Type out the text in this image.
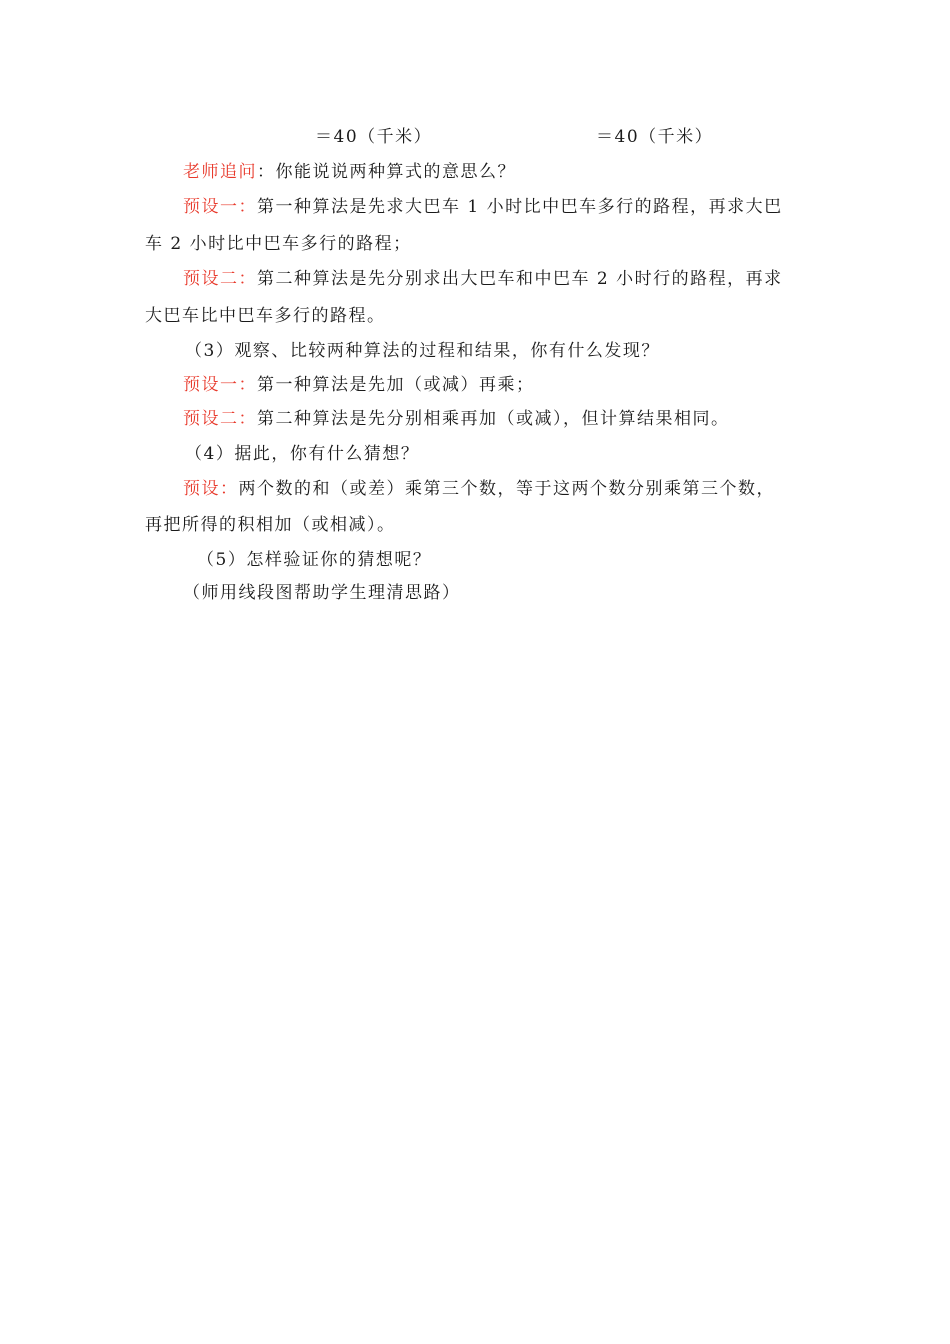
＝40（千米）	＝40（千米）
老师追问：你能说说两种算式的意思么？
预设一：第一种算法是先求大巴车 1 小时比中巴车多行的路程，再求大巴
车 2 小时比中巴车多行的路程；
预设二：第二种算法是先分别求出大巴车和中巴车 2 小时行的路程，再求
大巴车比中巴车多行的路程。
（3）观察、比较两种算法的过程和结果，你有什么发现？
预设一：第一种算法是先加（或减）再乘；
预设二：第二种算法是先分别相乘再加（或减），但计算结果相同。
（4）据此，你有什么猜想？
预设：两个数的和（或差）乘第三个数，等于这两个数分别乘第三个数，
再把所得的积相加（或相减）。
（5）怎样验证你的猜想呢？
（师用线段图帮助学生理清思路）
